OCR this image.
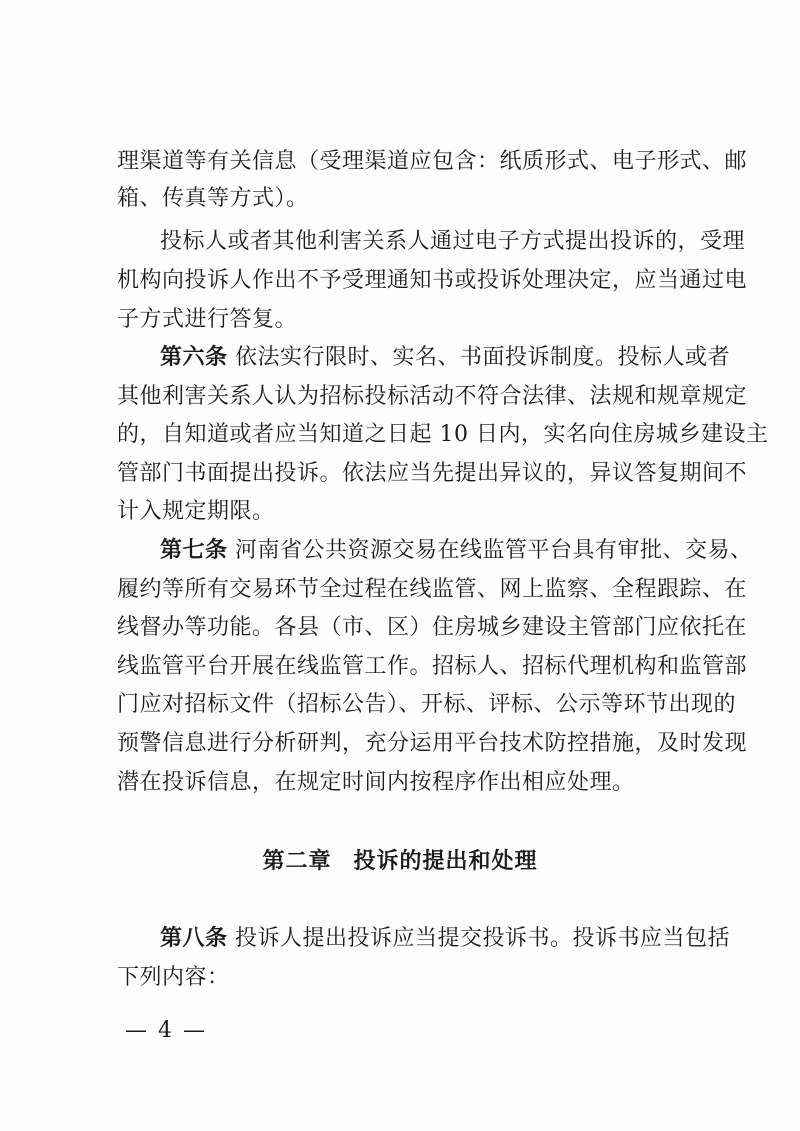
理渠道等有关信息（受理渠道应包含：纸质形式、电子形式、邮
箱、传真等方式）。
投标人或者其他利害关系人通过电子方式提出投诉的，受理
机构向投诉人作出不予受理通知书或投诉处理决定，应当通过电
子方式进行答复。
第六条 依法实行限时、实名、书面投诉制度。投标人或者
其他利害关系人认为招标投标活动不符合法律、法规和规章规定
的，自知道或者应当知道之日起 10 日内，实名向住房城乡建设主
管部门书面提出投诉。依法应当先提出异议的，异议答复期间不
计入规定期限。
第七条 河南省公共资源交易在线监管平台具有审批、交易、
履约等所有交易环节全过程在线监管、网上监察、全程跟踪、在
线督办等功能。各县（市、区）住房城乡建设主管部门应依托在
线监管平台开展在线监管工作。招标人、招标代理机构和监管部
门应对招标文件（招标公告）、开标、评标、公示等环节出现的
预警信息进行分析研判，充分运用平台技术防控措施，及时发现
潜在投诉信息，在规定时间内按程序作出相应处理。
第二章 投诉的提出和处理
第八条 投诉人提出投诉应当提交投诉书。投诉书应当包括
下列内容：
— 4 —
